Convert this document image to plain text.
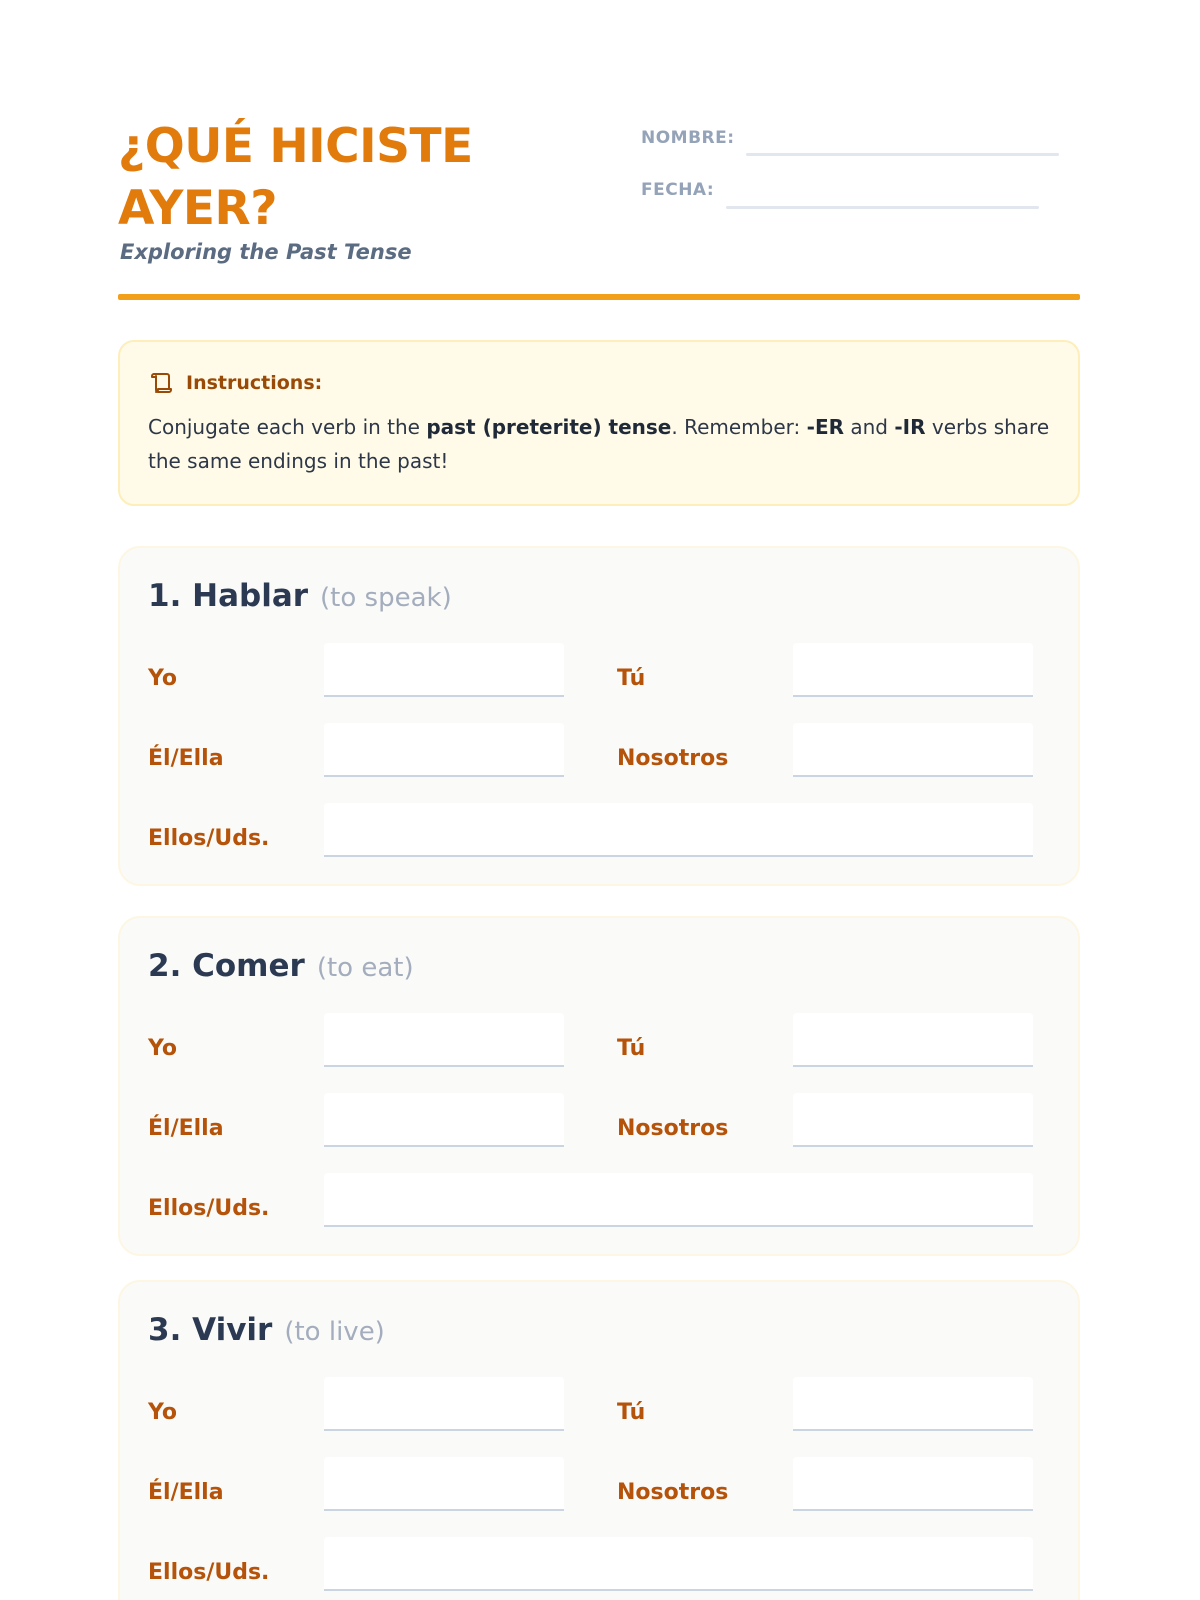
¿QUÉ HICISTE AYER?
Exploring the Past Tense
NOMBRE:
FECHA:
Instructions:

Conjugate each verb in the past (preterite) tense. Remember: -ER and -IR verbs share the same endings in the past!

1. Hablar (to speak)
Yo	Tú
Él/Ella	Nosotros
Ellos/Uds.
2. Comer (to eat)
Yo	Tú
Él/Ella	Nosotros
Ellos/Uds.
3. Vivir (to live)
Yo	Tú
Él/Ella	Nosotros
Ellos/Uds.
